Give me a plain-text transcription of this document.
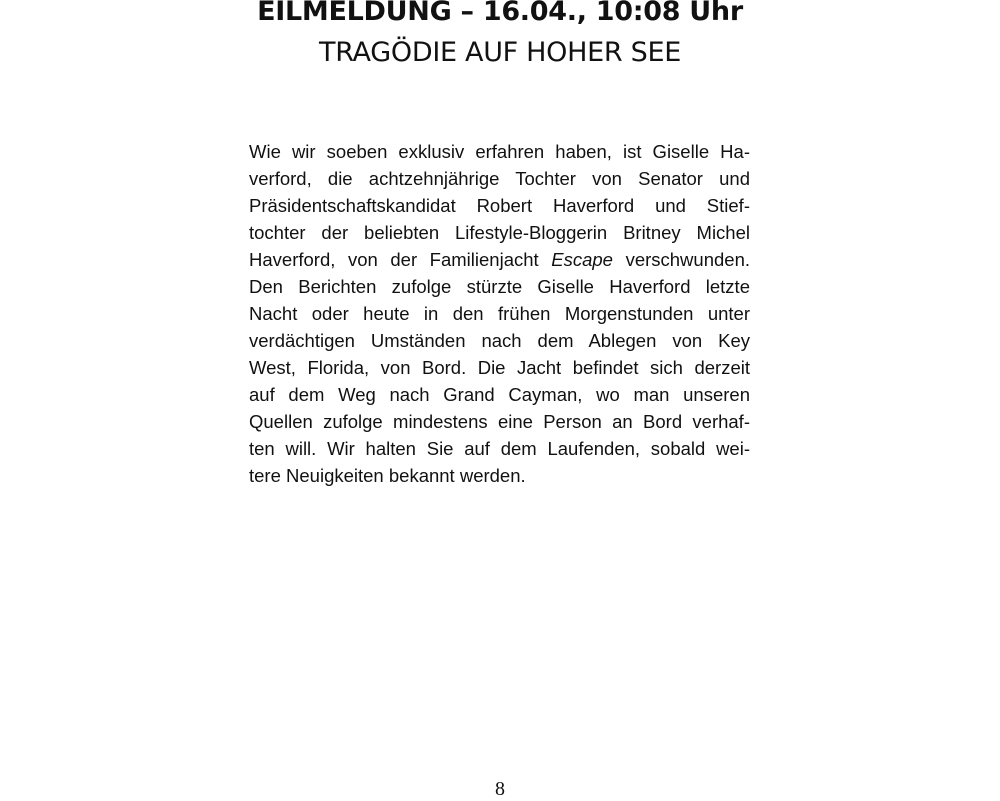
EILMELDUNG – 16.04., 10:08 Uhr
TRAGÖDIE AUF HOHER SEE
Wie wir soeben exklusiv erfahren haben, ist Giselle Ha-
verford, die achtzehnjährige Tochter von Senator und
Präsidentschaftskandidat Robert Haverford und Stief-
tochter der beliebten Lifestyle-Bloggerin Britney Michel
Haverford, von der Familienjacht Escape verschwunden.
Den Berichten zufolge stürzte Giselle Haverford letzte
Nacht oder heute in den frühen Morgenstunden unter
verdächtigen Umständen nach dem Ablegen von Key
West, Florida, von Bord. Die Jacht befindet sich derzeit
auf dem Weg nach Grand Cayman, wo man unseren
Quellen zufolge mindestens eine Person an Bord verhaf-
ten will. Wir halten Sie auf dem Laufenden, sobald wei-
tere Neuigkeiten bekannt werden.
8
